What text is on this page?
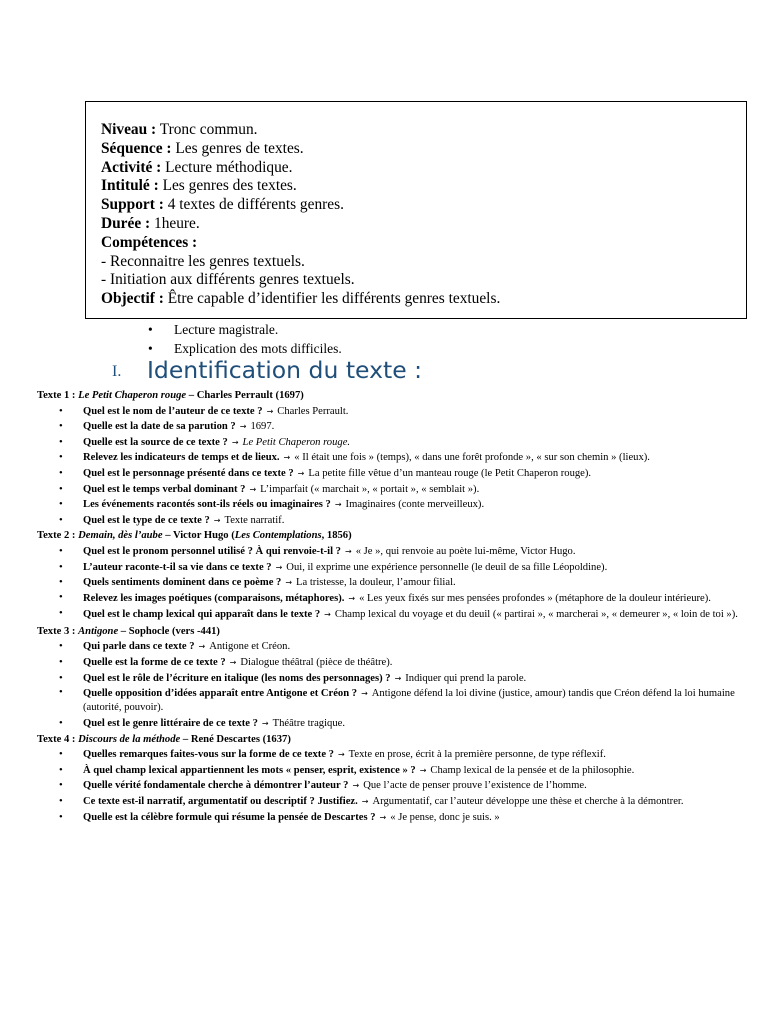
Niveau : Tronc commun.
Séquence : Les genres de textes.
Activité : Lecture méthodique.
Intitulé : Les genres des textes.
Support : 4 textes de différents genres.
Durée : 1heure.
Compétences :
- Reconnaitre les genres textuels.
- Initiation aux différents genres textuels.
Objectif : Être capable d’identifier les différents genres textuels.
• Lecture magistrale.
• Explication des mots difficiles.
I. Identification du texte :
Texte 1 : Le Petit Chaperon rouge – Charles Perrault (1697)
• Quel est le nom de l’auteur de ce texte ? → Charles Perrault.
• Quelle est la date de sa parution ? → 1697.
• Quelle est la source de ce texte ? → Le Petit Chaperon rouge.
• Relevez les indicateurs de temps et de lieux. → « Il était une fois » (temps), « dans une forêt profonde », « sur son chemin » (lieux).
• Quel est le personnage présenté dans ce texte ? → La petite fille vêtue d’un manteau rouge (le Petit Chaperon rouge).
• Quel est le temps verbal dominant ? → L’imparfait (« marchait », « portait », « semblait »).
• Les événements racontés sont-ils réels ou imaginaires ? → Imaginaires (conte merveilleux).
• Quel est le type de ce texte ? → Texte narratif.
Texte 2 : Demain, dès l’aube – Victor Hugo (Les Contemplations, 1856)
• Quel est le pronom personnel utilisé ? À qui renvoie-t-il ? → « Je », qui renvoie au poète lui-même, Victor Hugo.
• L’auteur raconte-t-il sa vie dans ce texte ? → Oui, il exprime une expérience personnelle (le deuil de sa fille Léopoldine).
• Quels sentiments dominent dans ce poème ? → La tristesse, la douleur, l’amour filial.
• Relevez les images poétiques (comparaisons, métaphores). → « Les yeux fixés sur mes pensées profondes » (métaphore de la douleur intérieure).
• Quel est le champ lexical qui apparaît dans le texte ? → Champ lexical du voyage et du deuil (« partirai », « marcherai », « demeurer », « loin de toi »).
Texte 3 : Antigone – Sophocle (vers -441)
• Qui parle dans ce texte ? → Antigone et Créon.
• Quelle est la forme de ce texte ? → Dialogue théâtral (pièce de théâtre).
• Quel est le rôle de l’écriture en italique (les noms des personnages) ? → Indiquer qui prend la parole.
• Quelle opposition d’idées apparaît entre Antigone et Créon ? → Antigone défend la loi divine (justice, amour) tandis que Créon défend la loi humaine (autorité, pouvoir).
• Quel est le genre littéraire de ce texte ? → Théâtre tragique.
Texte 4 : Discours de la méthode – René Descartes (1637)
• Quelles remarques faites-vous sur la forme de ce texte ? → Texte en prose, écrit à la première personne, de type réflexif.
• À quel champ lexical appartiennent les mots « penser, esprit, existence » ? → Champ lexical de la pensée et de la philosophie.
• Quelle vérité fondamentale cherche à démontrer l’auteur ? → Que l’acte de penser prouve l’existence de l’homme.
• Ce texte est-il narratif, argumentatif ou descriptif ? Justifiez. → Argumentatif, car l’auteur développe une thèse et cherche à la démontrer.
• Quelle est la célèbre formule qui résume la pensée de Descartes ? → « Je pense, donc je suis. »
